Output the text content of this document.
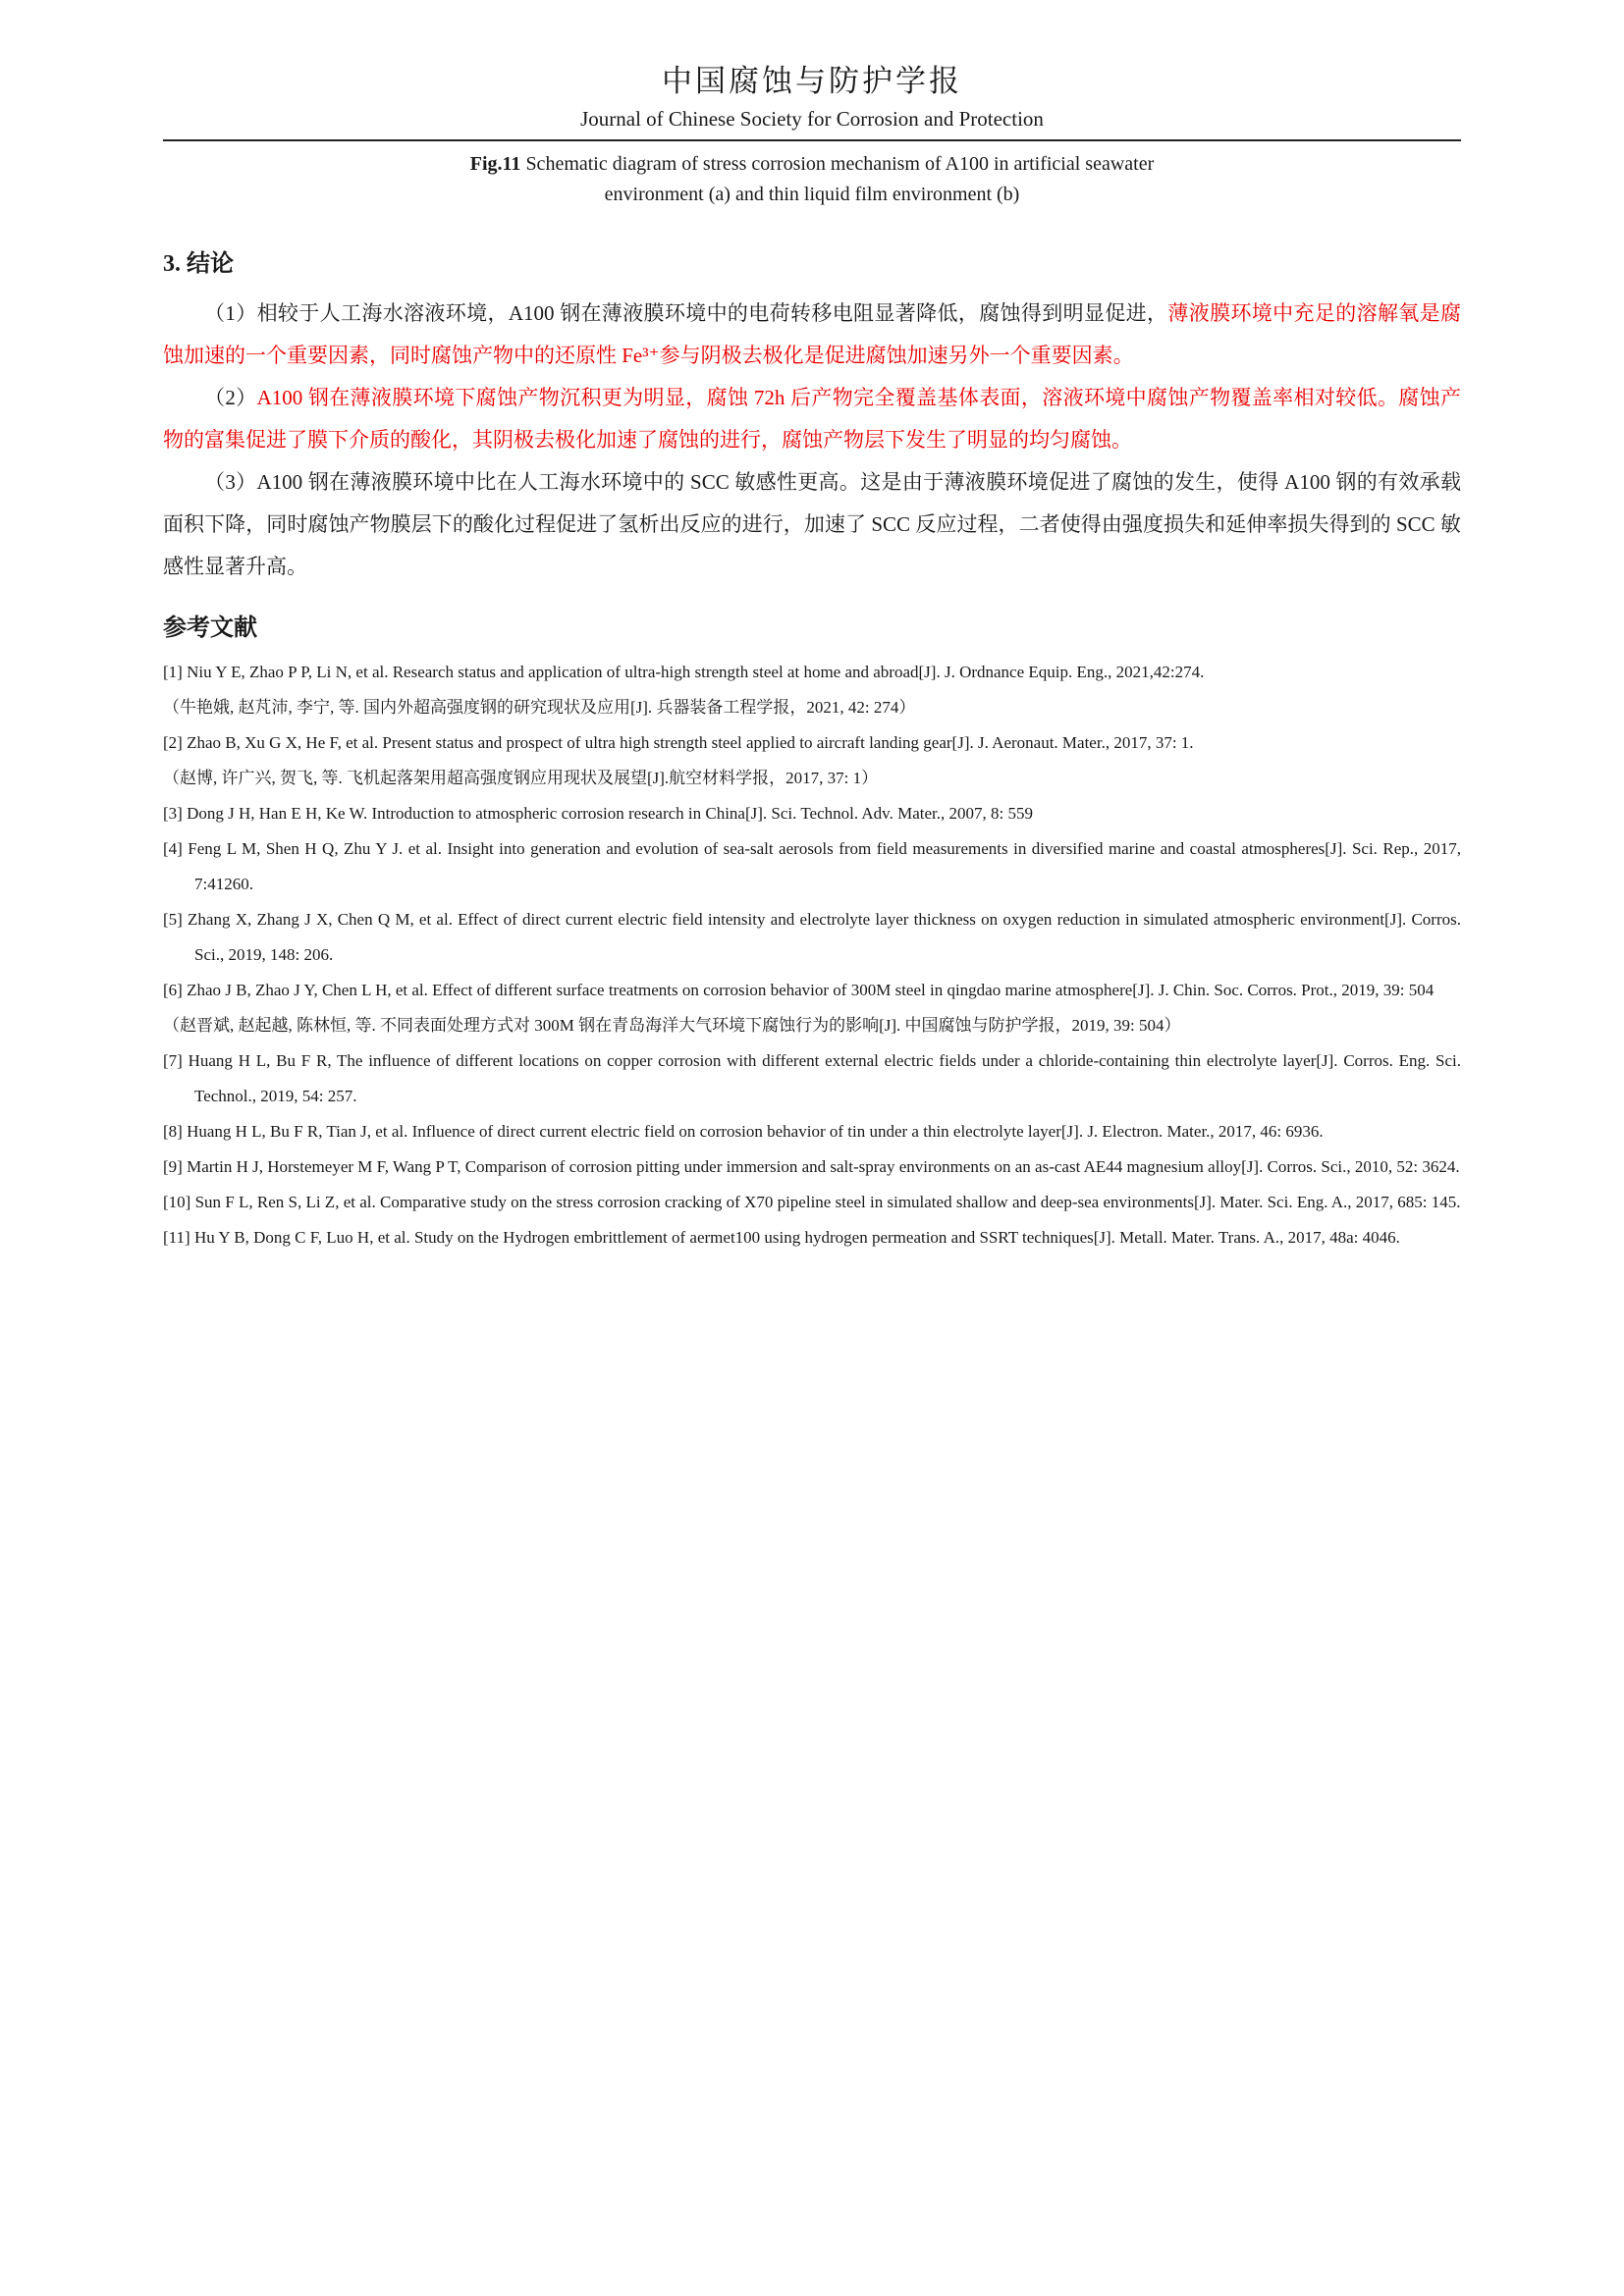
中国腐蚀与防护学报
Journal of Chinese Society for Corrosion and Protection
Fig.11 Schematic diagram of stress corrosion mechanism of A100 in artificial seawater
environment (a) and thin liquid film environment (b)
3. 结论

（1）相较于人工海水溶液环境，A100 钢在薄液膜环境中的电荷转移电阻显著降低，腐蚀得到明显促进，薄液膜环境中充足的溶解氧是腐蚀加速的一个重要因素，同时腐蚀产物中的还原性 Fe³⁺参与阴极去极化是促进腐蚀加速另外一个重要因素。

（2）A100 钢在薄液膜环境下腐蚀产物沉积更为明显，腐蚀 72h 后产物完全覆盖基体表面，溶液环境中腐蚀产物覆盖率相对较低。腐蚀产物的富集促进了膜下介质的酸化，其阴极去极化加速了腐蚀的进行，腐蚀产物层下发生了明显的均匀腐蚀。

（3）A100 钢在薄液膜环境中比在人工海水环境中的 SCC 敏感性更高。这是由于薄液膜环境促进了腐蚀的发生，使得 A100 钢的有效承载面积下降，同时腐蚀产物膜层下的酸化过程促进了氢析出反应的进行，加速了 SCC 反应过程，二者使得由强度损失和延伸率损失得到的 SCC 敏感性显著升高。

参考文献

[1] Niu Y E, Zhao P P, Li N, et al. Research status and application of ultra-high strength steel at home and abroad[J]. J. Ordnance Equip. Eng., 2021,42:274.

（牛艳娥, 赵芃沛, 李宁, 等. 国内外超高强度钢的研究现状及应用[J]. 兵器装备工程学报，2021, 42: 274）

[2] Zhao B, Xu G X, He F, et al. Present status and prospect of ultra high strength steel applied to aircraft landing gear[J]. J. Aeronaut. Mater., 2017, 37: 1.

（赵博, 许广兴, 贺飞, 等. 飞机起落架用超高强度钢应用现状及展望[J].航空材料学报，2017, 37: 1）

[3] Dong J H, Han E H, Ke W. Introduction to atmospheric corrosion research in China[J]. Sci. Technol. Adv. Mater., 2007, 8: 559

[4] Feng L M, Shen H Q, Zhu Y J. et al. Insight into generation and evolution of sea-salt aerosols from field measurements in diversified marine and coastal atmospheres[J]. Sci. Rep., 2017, 7:41260.

[5] Zhang X, Zhang J X, Chen Q M, et al. Effect of direct current electric field intensity and electrolyte layer thickness on oxygen reduction in simulated atmospheric environment[J]. Corros. Sci., 2019, 148: 206.

[6] Zhao J B, Zhao J Y, Chen L H, et al. Effect of different surface treatments on corrosion behavior of 300M steel in qingdao marine atmosphere[J]. J. Chin. Soc. Corros. Prot., 2019, 39: 504

（赵晋斌, 赵起越, 陈林恒, 等. 不同表面处理方式对 300M 钢在青岛海洋大气环境下腐蚀行为的影响[J]. 中国腐蚀与防护学报，2019, 39: 504）

[7] Huang H L, Bu F R, The influence of different locations on copper corrosion with different external electric fields under a chloride-containing thin electrolyte layer[J]. Corros. Eng. Sci. Technol., 2019, 54: 257.

[8] Huang H L, Bu F R, Tian J, et al. Influence of direct current electric field on corrosion behavior of tin under a thin electrolyte layer[J]. J. Electron. Mater., 2017, 46: 6936.

[9] Martin H J, Horstemeyer M F, Wang P T, Comparison of corrosion pitting under immersion and salt-spray environments on an as-cast AE44 magnesium alloy[J]. Corros. Sci., 2010, 52: 3624.

[10] Sun F L, Ren S, Li Z, et al. Comparative study on the stress corrosion cracking of X70 pipeline steel in simulated shallow and deep-sea environments[J]. Mater. Sci. Eng. A., 2017, 685: 145.

[11] Hu Y B, Dong C F, Luo H, et al. Study on the Hydrogen embrittlement of aermet100 using hydrogen permeation and SSRT techniques[J]. Metall. Mater. Trans. A., 2017, 48a: 4046.
